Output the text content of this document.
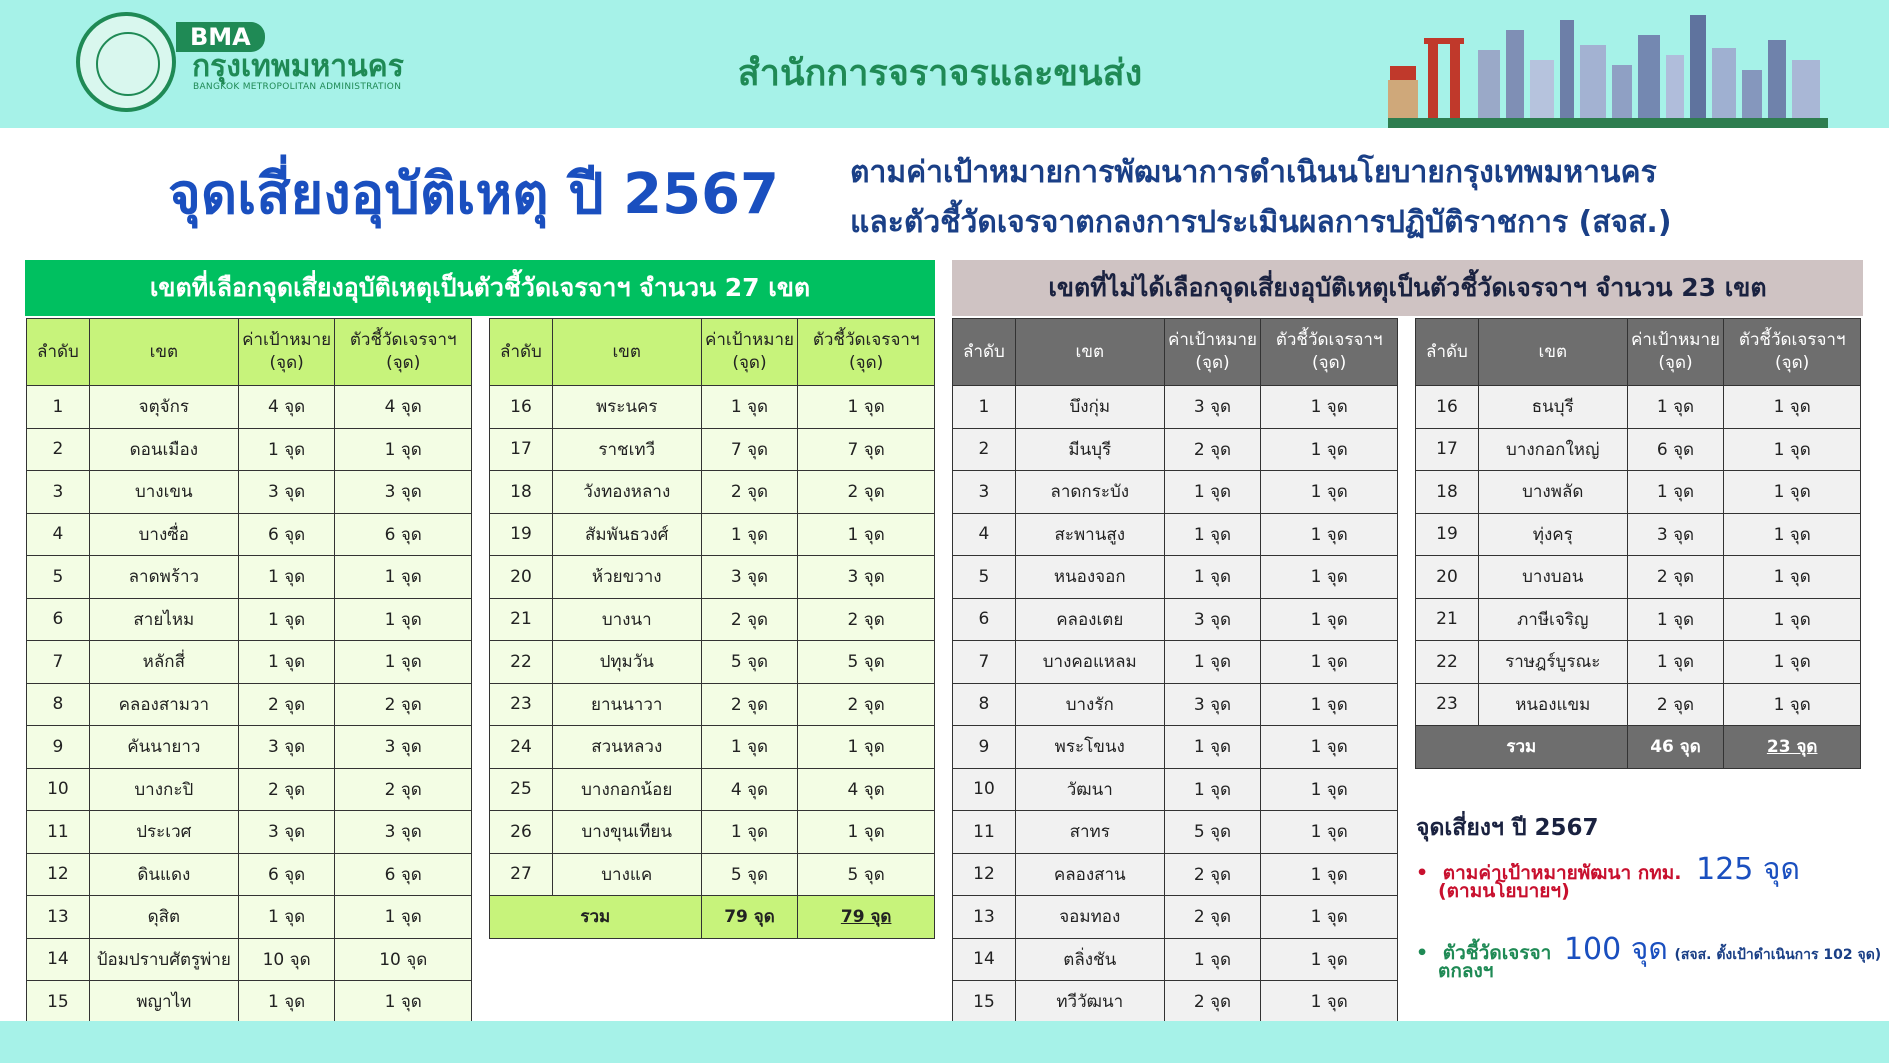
BMA
กรุงเทพมหานคร
BANGKOK METROPOLITAN ADMINISTRATION	สำนักการจราจรและขนส่ง
จุดเสี่ยงอุบัติเหตุ ปี 2567 ตามค่าเป้าหมายการพัฒนาการดำเนินนโยบายกรุงเทพมหานคร
และตัวชี้วัดเจรจาตกลงการประเมินผลการปฏิบัติราชการ (สจส.)
เขตที่เลือกจุดเสี่ยงอุบัติเหตุเป็นตัวชี้วัดเจรจาฯ จำนวน 27 เขต	เขตที่ไม่ได้เลือกจุดเสี่ยงอุบัติเหตุเป็นตัวชี้วัดเจรจาฯ จำนวน 23 เขต
ลำดับ	เขต	ค่าเป้าหมาย
(จุด)	ตัวชี้วัดเจรจาฯ
(จุด)
1	จตุจักร	4 จุด	4 จุด
2	ดอนเมือง	1 จุด	1 จุด
3	บางเขน	3 จุด	3 จุด
4	บางซื่อ	6 จุด	6 จุด
5	ลาดพร้าว	1 จุด	1 จุด
6	สายไหม	1 จุด	1 จุด
7	หลักสี่	1 จุด	1 จุด
8	คลองสามวา	2 จุด	2 จุด
9	คันนายาว	3 จุด	3 จุด
10	บางกะปิ	2 จุด	2 จุด
11	ประเวศ	3 จุด	3 จุด
12	ดินแดง	6 จุด	6 จุด
13	ดุสิต	1 จุด	1 จุด
14	ป้อมปราบศัตรูพ่าย	10 จุด	10 จุด
15	พญาไท	1 จุด	1 จุด
ลำดับ	เขต	ค่าเป้าหมาย
(จุด)	ตัวชี้วัดเจรจาฯ
(จุด)
16	พระนคร	1 จุด	1 จุด
17	ราชเทวี	7 จุด	7 จุด
18	วังทองหลาง	2 จุด	2 จุด
19	สัมพันธวงศ์	1 จุด	1 จุด
20	ห้วยขวาง	3 จุด	3 จุด
21	บางนา	2 จุด	2 จุด
22	ปทุมวัน	5 จุด	5 จุด
23	ยานนาวา	2 จุด	2 จุด
24	สวนหลวง	1 จุด	1 จุด
25	บางกอกน้อย	4 จุด	4 จุด
26	บางขุนเทียน	1 จุด	1 จุด
27	บางแค	5 จุด	5 จุด
รวม		79 จุด	79 จุด
ลำดับ	เขต	ค่าเป้าหมาย
(จุด)	ตัวชี้วัดเจรจาฯ
(จุด)
1	บึงกุ่ม	3 จุด	1 จุด
2	มีนบุรี	2 จุด	1 จุด
3	ลาดกระบัง	1 จุด	1 จุด
4	สะพานสูง	1 จุด	1 จุด
5	หนองจอก	1 จุด	1 จุด
6	คลองเตย	3 จุด	1 จุด
7	บางคอแหลม	1 จุด	1 จุด
8	บางรัก	3 จุด	1 จุด
9	พระโขนง	1 จุด	1 จุด
10	วัฒนา	1 จุด	1 จุด
11	สาทร	5 จุด	1 จุด
12	คลองสาน	2 จุด	1 จุด
13	จอมทอง	2 จุด	1 จุด
14	ตลิ่งชัน	1 จุด	1 จุด
15	ทวีวัฒนา	2 จุด	1 จุด
ลำดับ	เขต	ค่าเป้าหมาย
(จุด)	ตัวชี้วัดเจรจาฯ
(จุด)
16	ธนบุรี	1 จุด	1 จุด
17	บางกอกใหญ่	6 จุด	1 จุด
18	บางพลัด	1 จุด	1 จุด
19	ทุ่งครุ	3 จุด	1 จุด
20	บางบอน	2 จุด	1 จุด
21	ภาษีเจริญ	1 จุด	1 จุด
22	ราษฎร์บูรณะ	1 จุด	1 จุด
23	หนองแขม	2 จุด	1 จุด
รวม		46 จุด	23 จุด
จุดเสี่ยงฯ ปี 2567
• ตามค่าเป้าหมายพัฒนา กทม. 125 จุด
(ตามนโยบายฯ)
• ตัวชี้วัดเจรจา 100 จุด (สจส. ตั้งเป้าดำเนินการ 102 จุด)
ตกลงฯ
